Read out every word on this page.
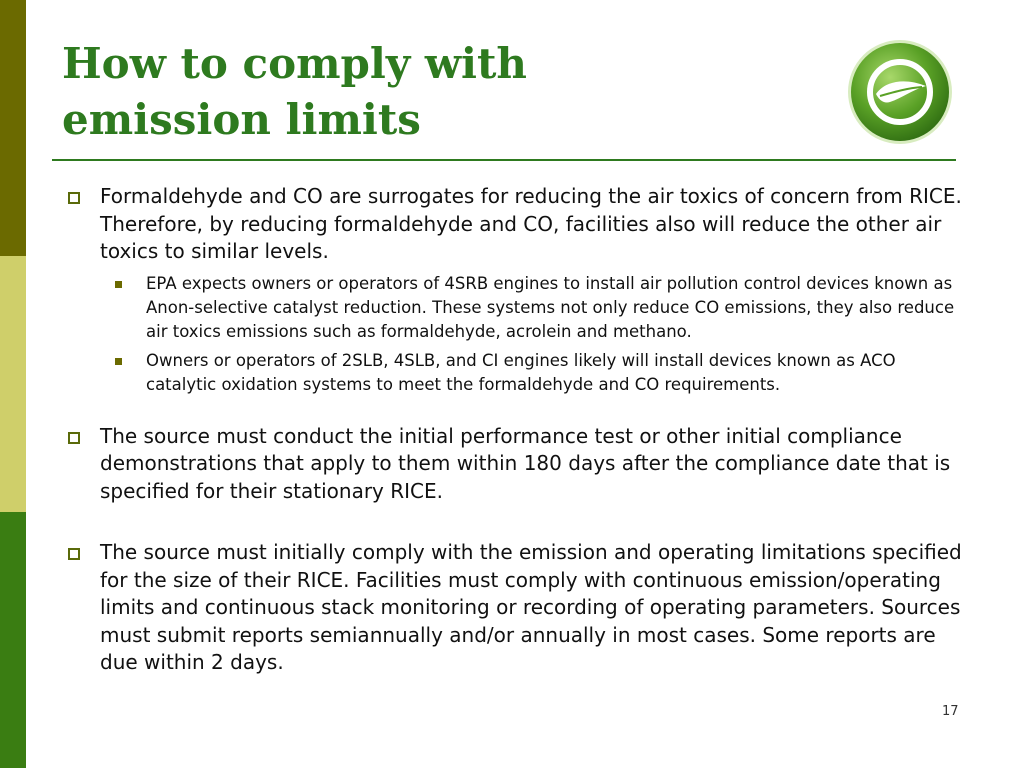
How to comply with
emission limits
Formaldehyde and CO are surrogates for reducing the air toxics of concern from RICE. Therefore, by reducing formaldehyde and CO, facilities also will reduce the other air toxics to similar levels.
EPA expects owners or operators of 4SRB engines to install air pollution control devices known as Anon-selective catalyst reduction. These systems not only reduce CO emissions, they also reduce air toxics emissions such as formaldehyde, acrolein and methano.
Owners or operators of 2SLB, 4SLB, and CI engines likely will install devices known as ACO catalytic oxidation systems to meet the formaldehyde and CO requirements.
The source must conduct the initial performance test or other initial compliance demonstrations that apply to them within 180 days after the compliance date that is specified for their stationary RICE.
The source must initially comply with the emission and operating limitations specified for the size of their RICE. Facilities must comply with continuous emission/operating limits and continuous stack monitoring or recording of operating parameters. Sources must submit reports semiannually and/or annually in most cases. Some reports are due within 2 days.
17
